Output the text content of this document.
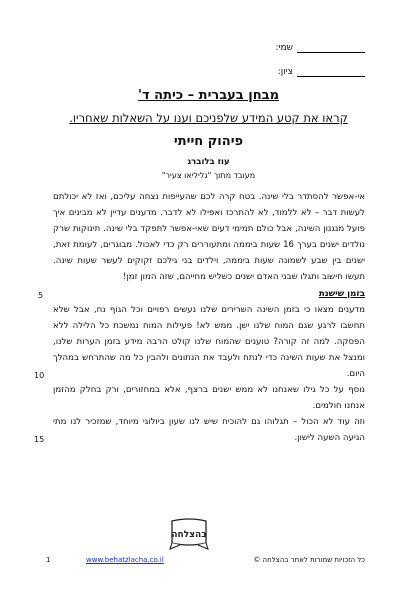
שמי:
ציון:
מבחן בעברית – כיתה ד'
קראו את קטע המידע שלפניכם וענו על השאלות שאחריו.
פיהוק חייתי
עוז בלוברג
מעובד מתוך "גליליאו צעיר"

אי-אפשר להסתדר בלי שינה. בטח קרה לכם שהעייפות נצחה עליכם, ואז לא יכולתם לעשות דבר – לא ללמוד, לא להתרכז ואפילו לא לדבר. מדענים עדיין לא מבינים איך פועל מנגנון השינה, אבל כולם תמימי דעים שאי-אפשר לתפקד בלי שינה. תינוקות שרק נולדים ישנים בערך 16 שעות ביממה ומתעוררים רק כדי לאכול. מבוגרים, לעומת זאת, ישנים בין שבע לשמונה שעות ביממה, וילדים בני גילכם זקוקים לעשר שעות שינה. תעשו חישוב ותגלו שבני האדם ישנים כשליש מחייהם, שזה המון זמן!

בזמן שישנת

מדענים מצאו כי בזמן השינה השרירים שלנו נעשים רפויים וכל הגוף נח, אבל שלא תחשבו לרגע שגם המוח שלנו ישן. ממש לא! פעילות המוח נמשכת כל הלילה ללא הפסקה. למה זה קורה? טוענים שהמוח שלנו קולט הרבה מידע בזמן הערות שלנו, ומנצל את שעות השינה כדי לנתח ולעבד את הנתונים ולהבין כל מה שהתרחש במהלך היום.

נוסף על כל גילו שאנחנו לא ממש ישנים ברצף, אלא במחזורים, ורק בחלק מהזמן אנחנו חולמים.

וזה עוד לא הכול – תגלוהו גם להוכיח שיש לנו שעון ביולוגי מיוחד, שמזכיר לנו מתי הגיעה השעה לישון.

5
10
15
בהצלחה
1	www.behatzlacha.co.il	כל הזכויות שמורות לאתר בהצלחה ©
